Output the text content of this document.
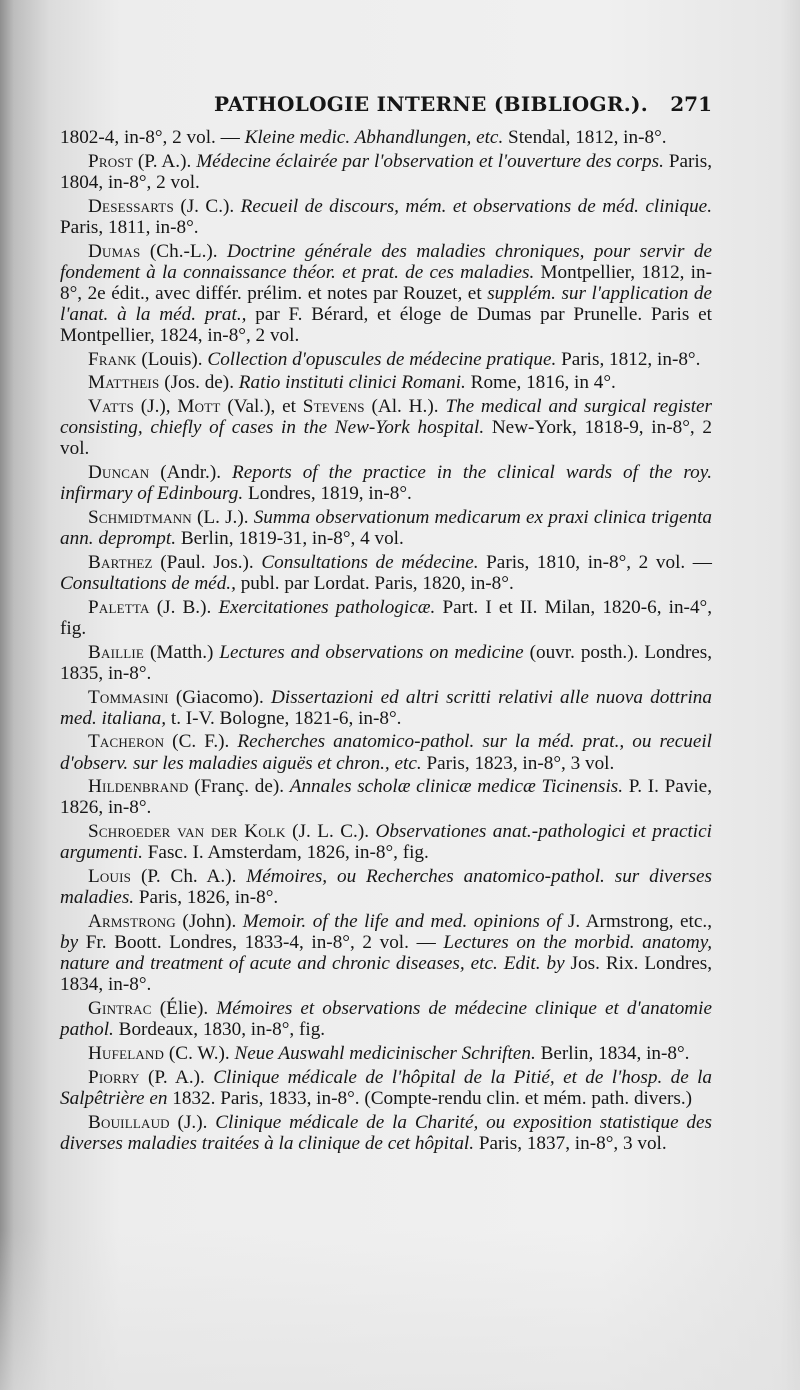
PATHOLOGIE INTERNE (BIBLIOGR.). 271

1802-4, in-8°, 2 vol. — Kleine medic. Abhandlungen, etc. Stendal, 1812, in-8°.

Prost (P. A.). Médecine éclairée par l'observation et l'ouverture des corps. Paris, 1804, in-8°, 2 vol.

Desessarts (J. C.). Recueil de discours, mém. et observations de méd. clinique. Paris, 1811, in-8°.

Dumas (Ch.-L.). Doctrine générale des maladies chroniques, pour servir de fondement à la connaissance théor. et prat. de ces maladies. Montpellier, 1812, in-8°, 2e édit., avec différ. prélim. et notes par Rouzet, et supplém. sur l'application de l'anat. à la méd. prat., par F. Bérard, et éloge de Dumas par Prunelle. Paris et Montpellier, 1824, in-8°, 2 vol.

Frank (Louis). Collection d'opuscules de médecine pratique. Paris, 1812, in-8°.

Mattheis (Jos. de). Ratio instituti clinici Romani. Rome, 1816, in 4°.

Vatts (J.), Mott (Val.), et Stevens (Al. H.). The medical and surgical register consisting, chiefly of cases in the New-York hospital. New-York, 1818-9, in-8°, 2 vol.

Duncan (Andr.). Reports of the practice in the clinical wards of the roy. infirmary of Edinbourg. Londres, 1819, in-8°.

Schmidtmann (L. J.). Summa observationum medicarum ex praxi clinica trigenta ann. deprompt. Berlin, 1819-31, in-8°, 4 vol.

Barthez (Paul. Jos.). Consultations de médecine. Paris, 1810, in-8°, 2 vol. — Consultations de méd., publ. par Lordat. Paris, 1820, in-8°.

Paletta (J. B.). Exercitationes pathologicæ. Part. I et II. Milan, 1820-6, in-4°, fig.

Baillie (Matth.) Lectures and observations on medicine (ouvr. posth.). Londres, 1835, in-8°.

Tommasini (Giacomo). Dissertazioni ed altri scritti relativi alle nuova dottrina med. italiana, t. I-V. Bologne, 1821-6, in-8°.

Tacheron (C. F.). Recherches anatomico-pathol. sur la méd. prat., ou recueil d'observ. sur les maladies aiguës et chron., etc. Paris, 1823, in-8°, 3 vol.

Hildenbrand (Franç. de). Annales scholæ clinicæ medicæ Ticinensis. P. I. Pavie, 1826, in-8°.

Schroeder van der Kolk (J. L. C.). Observationes anat.-pathologici et practici argumenti. Fasc. I. Amsterdam, 1826, in-8°, fig.

Louis (P. Ch. A.). Mémoires, ou Recherches anatomico-pathol. sur diverses maladies. Paris, 1826, in-8°.

Armstrong (John). Memoir. of the life and med. opinions of J. Armstrong, etc., by Fr. Boott. Londres, 1833-4, in-8°, 2 vol. — Lectures on the morbid. anatomy, nature and treatment of acute and chronic diseases, etc. Edit. by Jos. Rix. Londres, 1834, in-8°.

Gintrac (Élie). Mémoires et observations de médecine clinique et d'anatomie pathol. Bordeaux, 1830, in-8°, fig.

Hufeland (C. W.). Neue Auswahl medicinischer Schriften. Berlin, 1834, in-8°.

Piorry (P. A.). Clinique médicale de l'hôpital de la Pitié, et de l'hosp. de la Salpêtrière en 1832. Paris, 1833, in-8°. (Compte-rendu clin. et mém. path. divers.)

Bouillaud (J.). Clinique médicale de la Charité, ou exposition statistique des diverses maladies traitées à la clinique de cet hôpital. Paris, 1837, in-8°, 3 vol.
